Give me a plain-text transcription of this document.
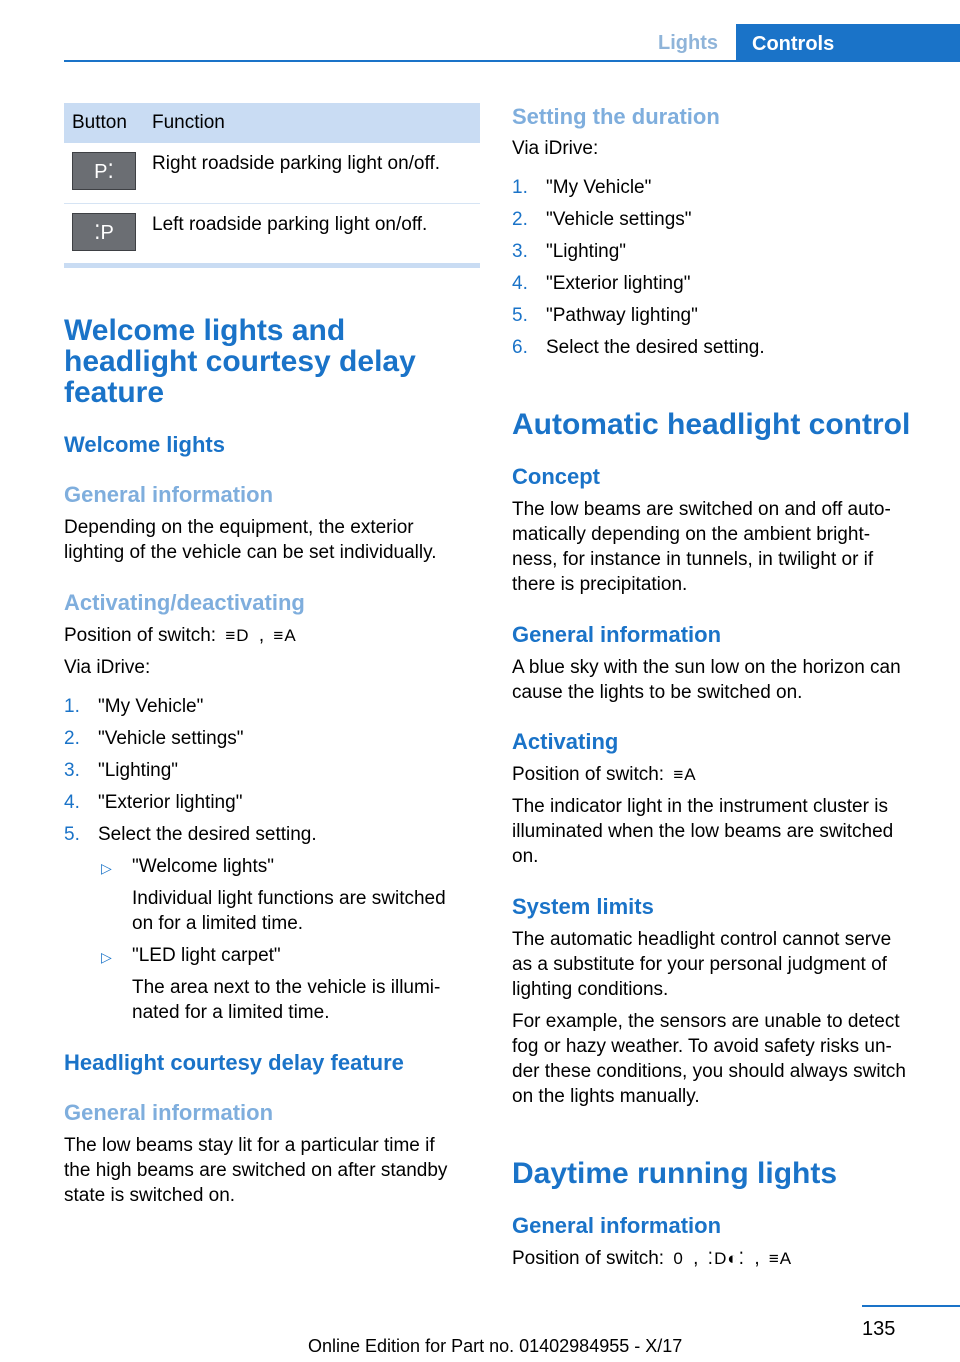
Lights	Controls
Button	Function

P⁚	Right roadside parking light on/off.

⁚P	Left roadside parking light on/off.
Welcome lights and
headlight courtesy delay
feature
Welcome lights
General information
Depending on the equipment, the exterior
lighting of the vehicle can be set individually.
Activating/deactivating
Position of switch: ≡D , ≡A
Via iDrive:
1. "My Vehicle"
2. "Vehicle settings"
3. "Lighting"
4. "Exterior lighting"
5. Select the desired setting.
▷ "Welcome lights"
Individual light functions are switched
on for a limited time.
▷ "LED light carpet"
The area next to the vehicle is illumi‐
nated for a limited time.
Headlight courtesy delay feature
General information
The low beams stay lit for a particular time if
the high beams are switched on after standby
state is switched on.
Setting the duration
Via iDrive:
1. "My Vehicle"
2. "Vehicle settings"
3. "Lighting"
4. "Exterior lighting"
5. "Pathway lighting"
6. Select the desired setting.
Automatic headlight control
Concept
The low beams are switched on and off auto‐
matically depending on the ambient bright‐
ness, for instance in tunnels, in twilight or if
there is precipitation.
General information
A blue sky with the sun low on the horizon can
cause the lights to be switched on.
Activating
Position of switch: ≡A
The indicator light in the instrument cluster is
illuminated when the low beams are switched
on.
System limits
The automatic headlight control cannot serve
as a substitute for your personal judgment of
lighting conditions.
For example, the sensors are unable to detect
fog or hazy weather. To avoid safety risks un‐
der these conditions, you should always switch
on the lights manually.
Daytime running lights
General information
Position of switch: 0 , ⁚D◐⁚ , ≡A
135
Online Edition for Part no. 01402984955 - X/17
